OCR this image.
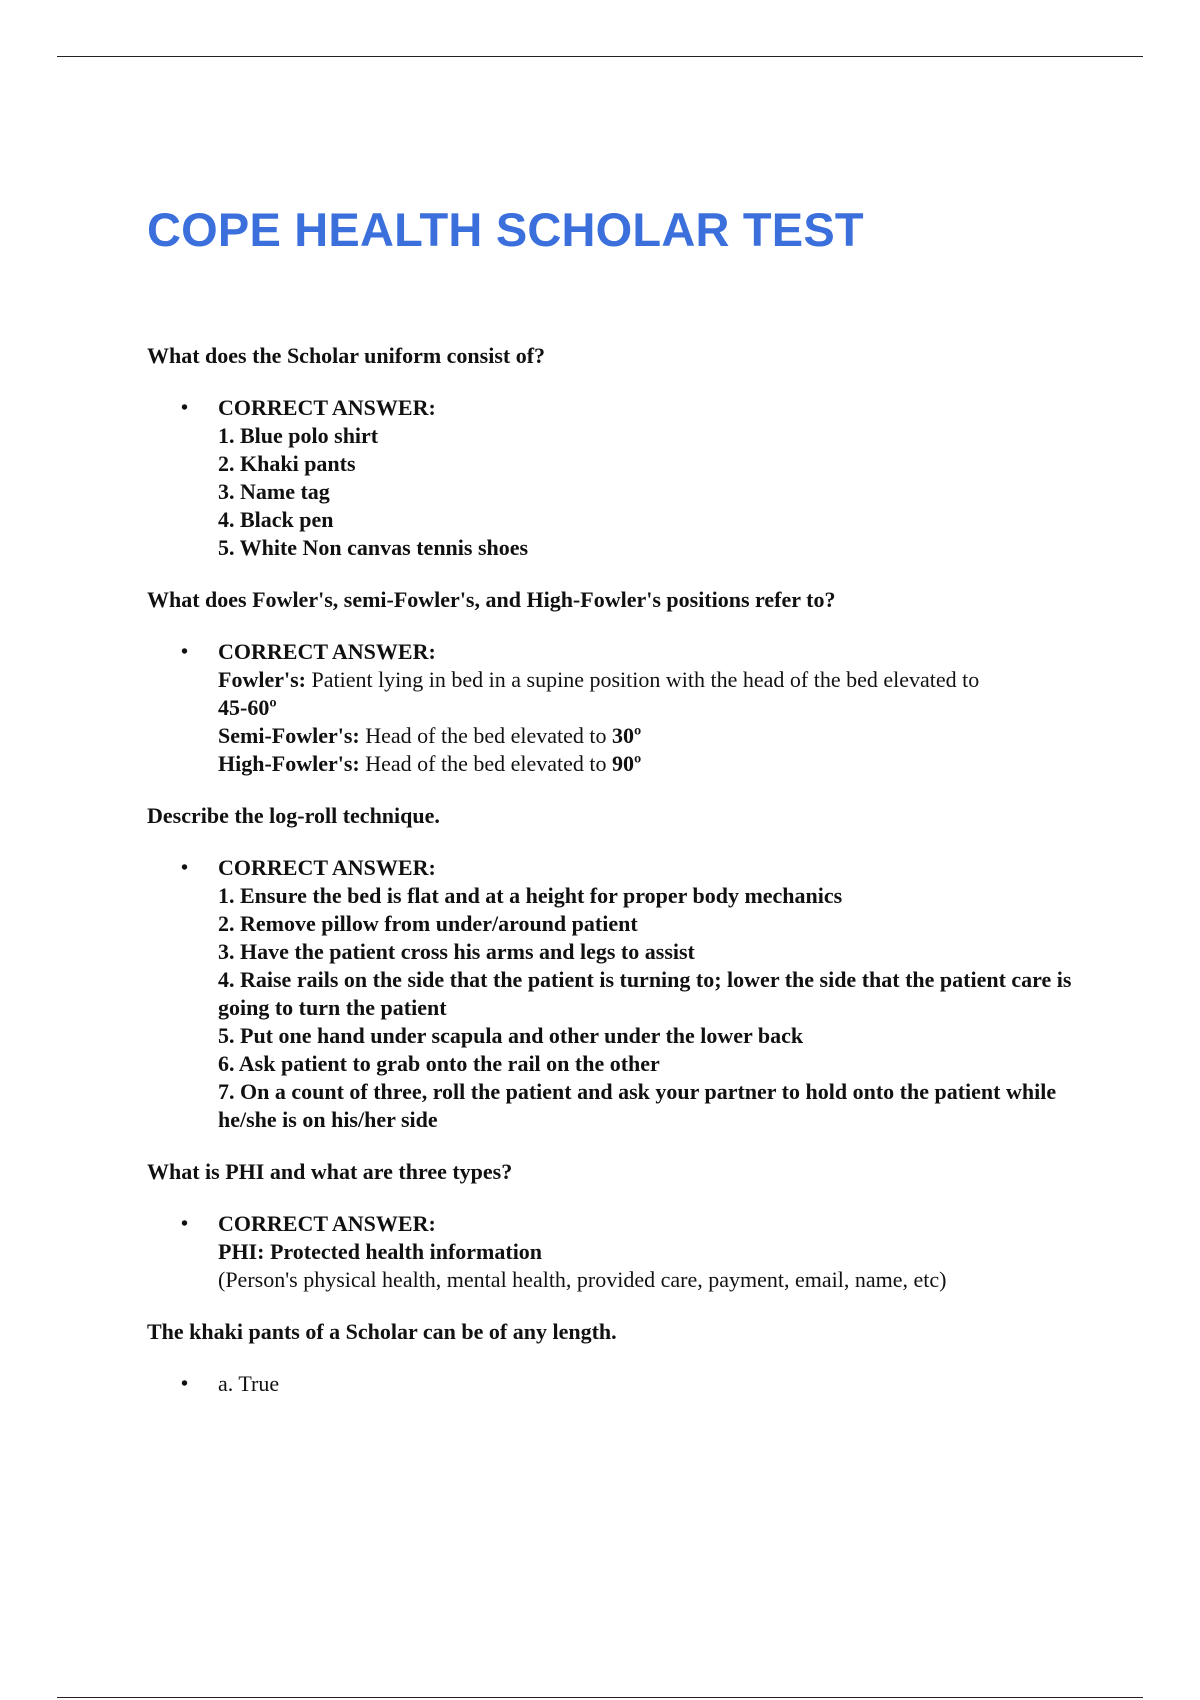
COPE HEALTH SCHOLAR TEST

What does the Scholar uniform consist of?

• CORRECT ANSWER:
1. Blue polo shirt
2. Khaki pants
3. Name tag
4. Black pen
5. White Non canvas tennis shoes

What does Fowler's, semi-Fowler's, and High-Fowler's positions refer to?

• CORRECT ANSWER:
Fowler's: Patient lying in bed in a supine position with the head of the bed elevated to
45-60º
Semi-Fowler's: Head of the bed elevated to 30º
High-Fowler's: Head of the bed elevated to 90º

Describe the log-roll technique.

• CORRECT ANSWER:
1. Ensure the bed is flat and at a height for proper body mechanics
2. Remove pillow from under/around patient
3. Have the patient cross his arms and legs to assist
4. Raise rails on the side that the patient is turning to; lower the side that the patient care is going to turn the patient
5. Put one hand under scapula and other under the lower back
6. Ask patient to grab onto the rail on the other
7. On a count of three, roll the patient and ask your partner to hold onto the patient while he/she is on his/her side

What is PHI and what are three types?

• CORRECT ANSWER:
PHI: Protected health information
(Person's physical health, mental health, provided care, payment, email, name, etc)

The khaki pants of a Scholar can be of any length.

• a. True
